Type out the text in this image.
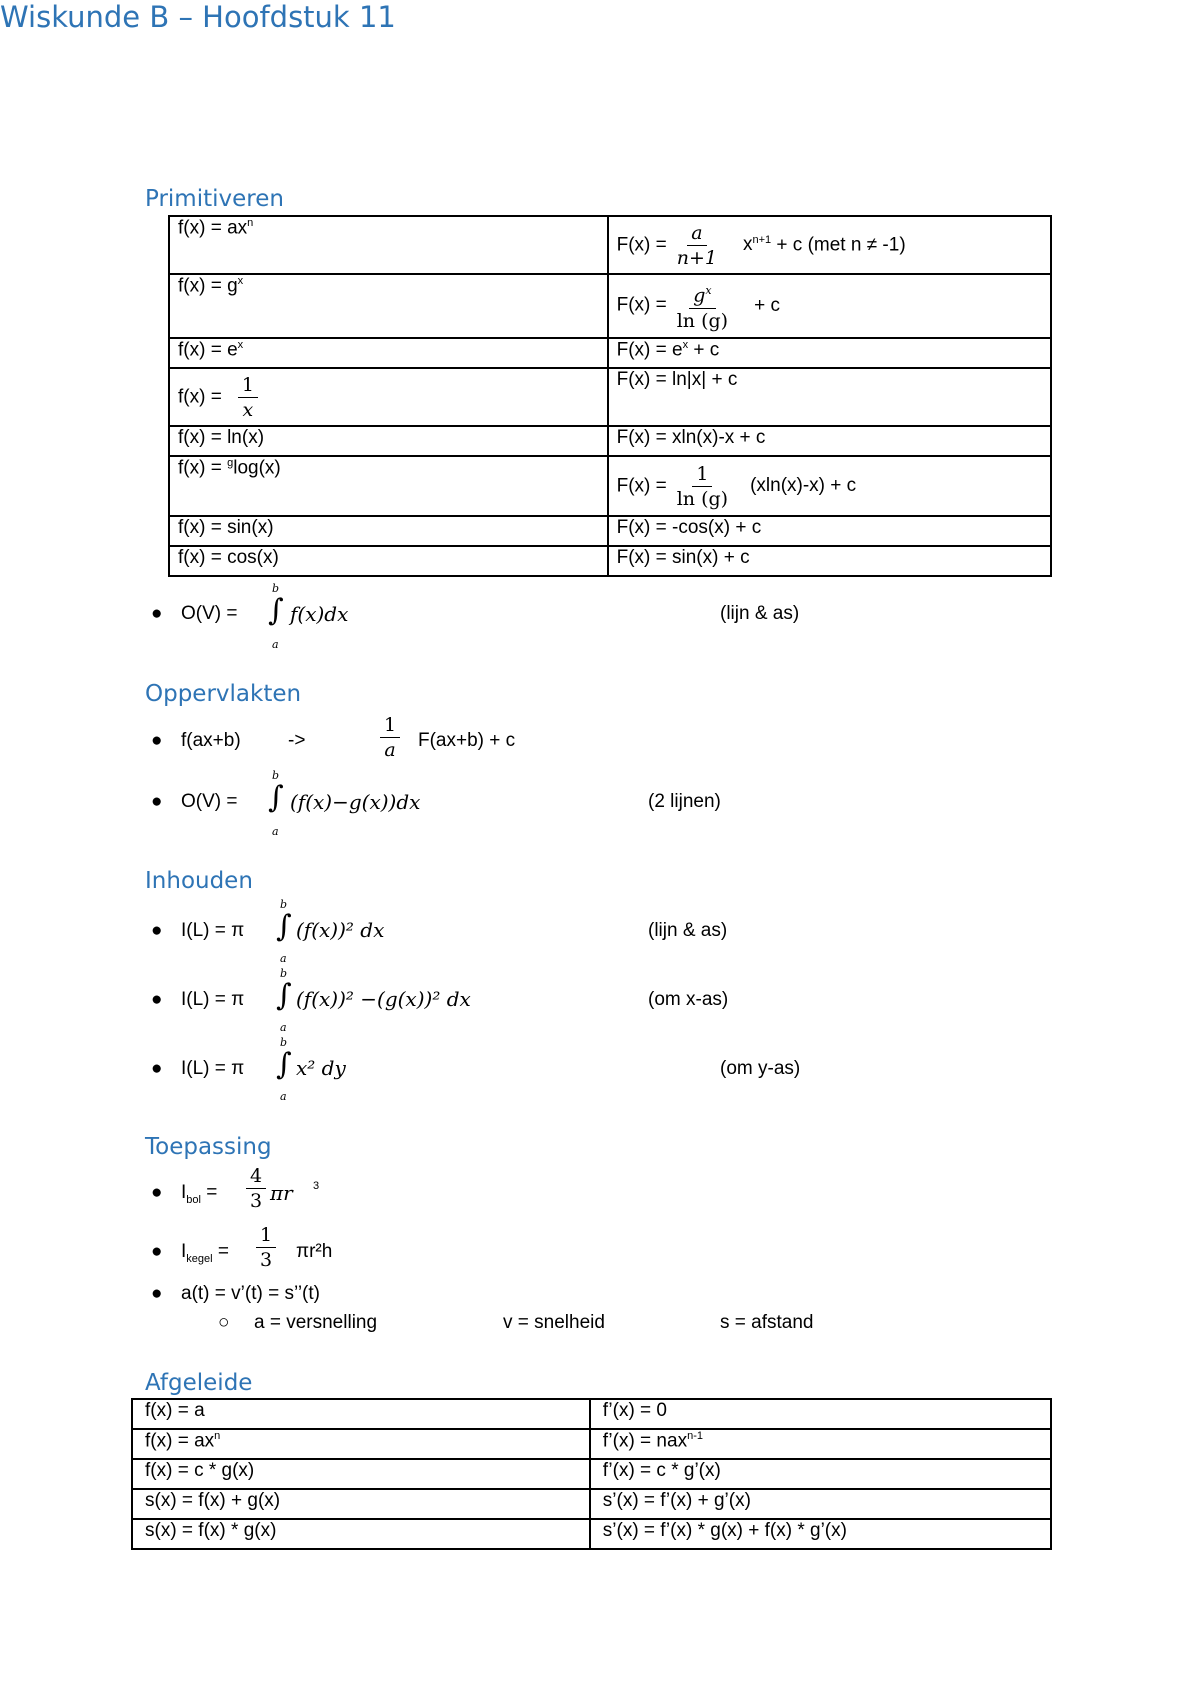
Wiskunde B – Hoofdstuk 11
Primitiveren
$f(x) = ax^n$	$F(x) = \frac{a}{n+1} x^{n+1} + c$ (met n ≠ -1)
$f(x) = g^x$	$F(x) = \frac{g^x}{\ln (g)} + c$
$f(x) = e^x$	$F(x) = e^x + c$
$f(x) = \frac{1}{x}$	F(x) = ln|x| + c
f(x) = ln(x)	F(x) = xln(x)-x + c
f(x) = $^g$log(x)	$F(x) = \frac{1}{\ln (g)} (xln(x)-x) + c$
f(x) = sin(x)	F(x) = -cos(x) + c
f(x) = cos(x)	F(x) = sin(x) + c
● O(V) =
b
∫
a
f(x)dx	(lijn & as)
Oppervlakten
● f(ax+b) ->	$\frac{1}{a} F(ax+b) + c$
● O(V) =
b
∫
a
(f(x)−g(x))dx	(2 lijnen)
Inhouden
● I(L) = π
b
∫
a
(f(x))² dx	(lijn & as)
● I(L) = π
b
∫
a
(f(x))² −(g(x))² dx	(om x-as)
● I(L) = π
b
∫
a
x² dy	(om y-as)
Toepassing
● $I_{bol} = \frac{4}{3}$ πr 3
● $I_{kegel} = \frac{1}{3} \pi r^2h$
● a(t) = v’(t) = s’’(t)
○ a = versnelling	v = snelheid	s = afstand
Afgeleide
f(x) = a	f’(x) = 0
$f(x) = ax^n$	f’(x) = nax$^{n-1}$
f(x) = c * g(x)	f’(x) = c * g’(x)
s(x) = f(x) + g(x)	s’(x) = f’(x) + g’(x)
s(x) = f(x) * g(x)	s’(x) = f’(x) * g(x) + f(x) * g’(x)
